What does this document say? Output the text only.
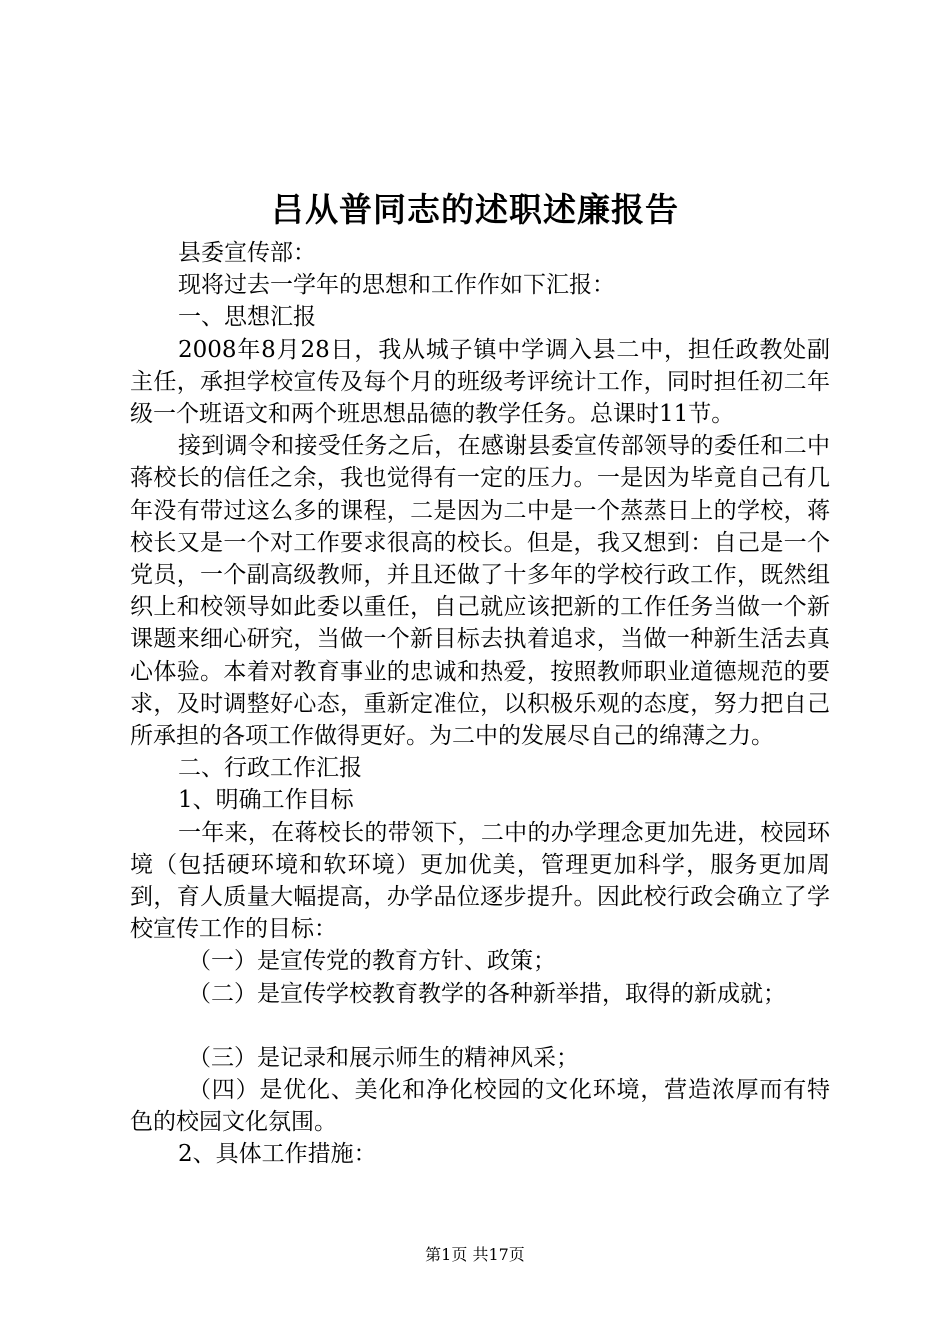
吕从普同志的述职述廉报告

县委宣传部：

现将过去一学年的思想和工作作如下汇报：

一、思想汇报

2008年8月28日，我从城子镇中学调入县二中，担任政教处副主任，承担学校宣传及每个月的班级考评统计工作，同时担任初二年级一个班语文和两个班思想品德的教学任务。总课时11节。

接到调令和接受任务之后，在感谢县委宣传部领导的委任和二中蒋校长的信任之余，我也觉得有一定的压力。一是因为毕竟自己有几年没有带过这么多的课程，二是因为二中是一个蒸蒸日上的学校，蒋校长又是一个对工作要求很高的校长。但是，我又想到：自己是一个党员，一个副高级教师，并且还做了十多年的学校行政工作，既然组织上和校领导如此委以重任，自己就应该把新的工作任务当做一个新课题来细心研究，当做一个新目标去执着追求，当做一种新生活去真心体验。本着对教育事业的忠诚和热爱，按照教师职业道德规范的要求，及时调整好心态，重新定准位，以积极乐观的态度，努力把自己所承担的各项工作做得更好。为二中的发展尽自己的绵薄之力。

二、行政工作汇报

1、明确工作目标

一年来，在蒋校长的带领下，二中的办学理念更加先进，校园环境（包括硬环境和软环境）更加优美，管理更加科学，服务更加周到，育人质量大幅提高，办学品位逐步提升。因此校行政会确立了学校宣传工作的目标：

（一）是宣传党的教育方针、政策；

（二）是宣传学校教育教学的各种新举措，取得的新成就；

（三）是记录和展示师生的精神风采；

（四）是优化、美化和净化校园的文化环境，营造浓厚而有特色的校园文化氛围。

2、具体工作措施：

第1页 共17页
